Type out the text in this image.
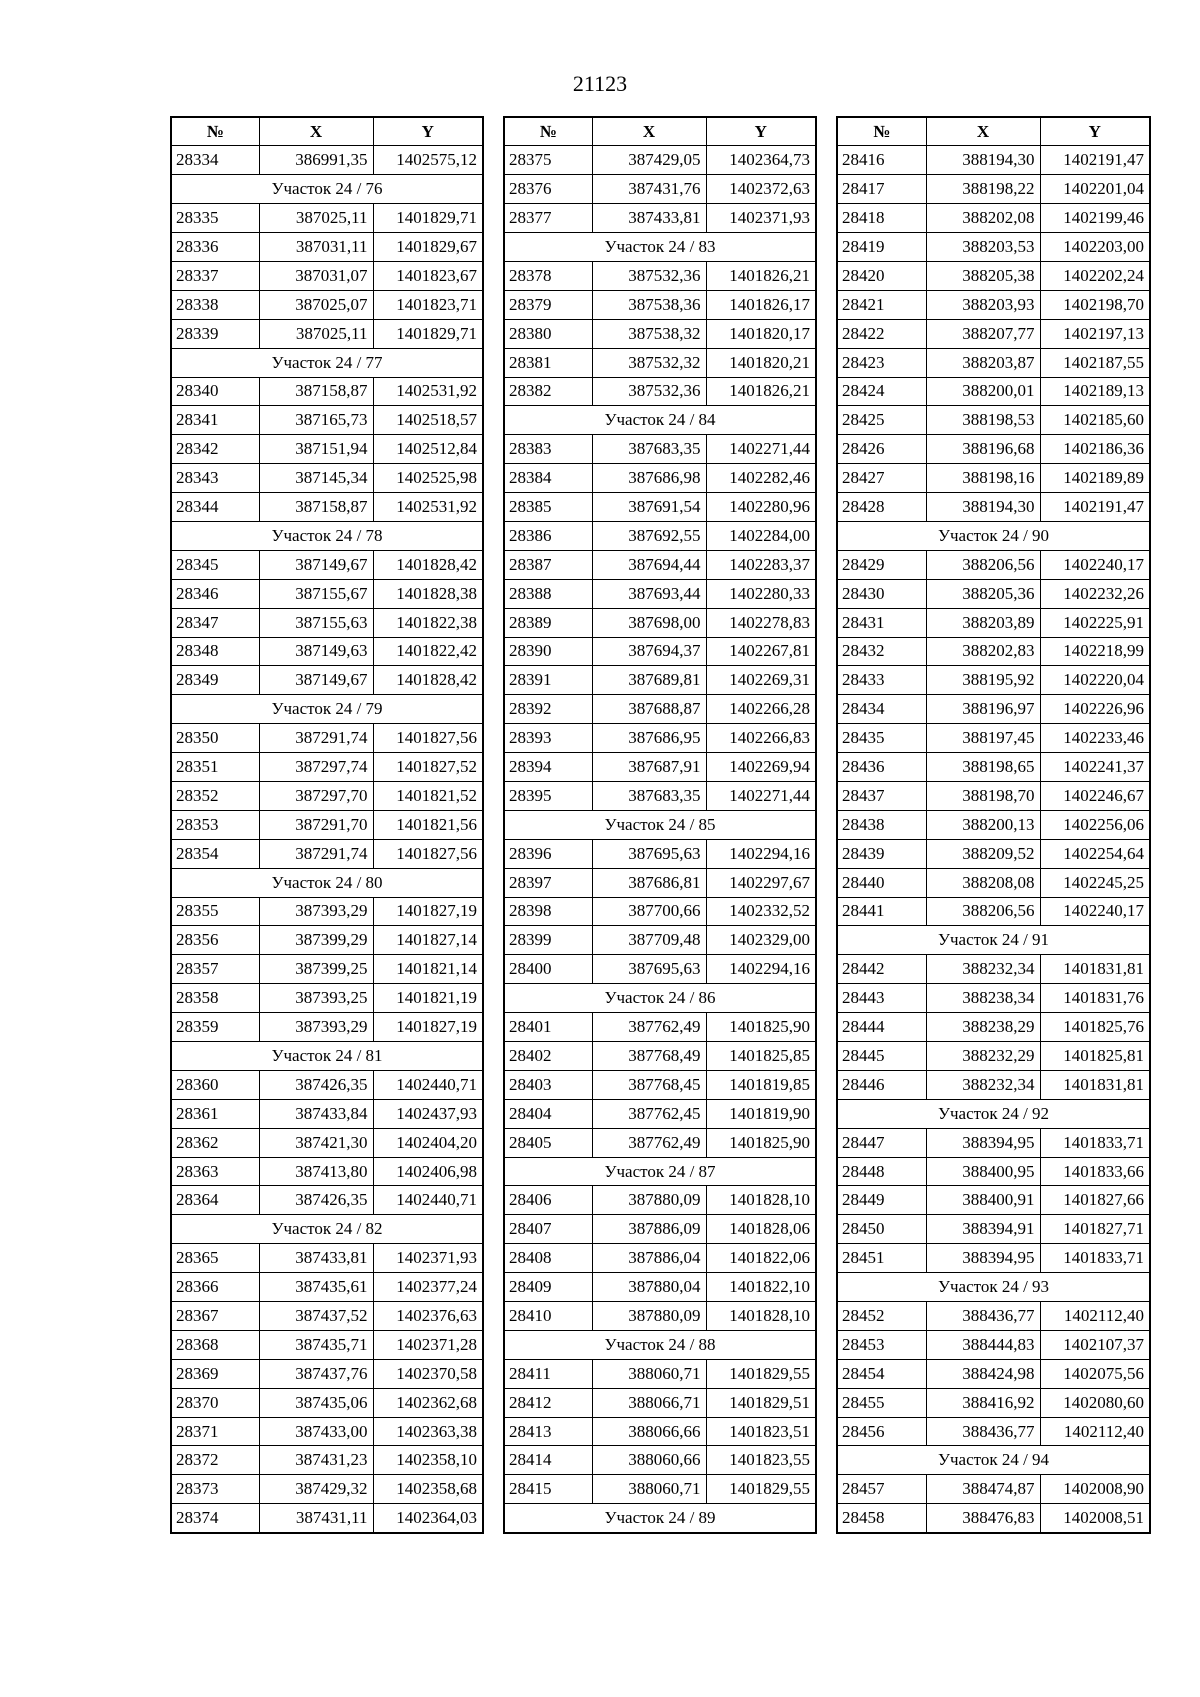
21123
№	X	Y
28334	386991,35	1402575,12
Участок 24 / 76		
28335	387025,11	1401829,71
28336	387031,11	1401829,67
28337	387031,07	1401823,67
28338	387025,07	1401823,71
28339	387025,11	1401829,71
Участок 24 / 77		
28340	387158,87	1402531,92
28341	387165,73	1402518,57
28342	387151,94	1402512,84
28343	387145,34	1402525,98
28344	387158,87	1402531,92
Участок 24 / 78		
28345	387149,67	1401828,42
28346	387155,67	1401828,38
28347	387155,63	1401822,38
28348	387149,63	1401822,42
28349	387149,67	1401828,42
Участок 24 / 79		
28350	387291,74	1401827,56
28351	387297,74	1401827,52
28352	387297,70	1401821,52
28353	387291,70	1401821,56
28354	387291,74	1401827,56
Участок 24 / 80		
28355	387393,29	1401827,19
28356	387399,29	1401827,14
28357	387399,25	1401821,14
28358	387393,25	1401821,19
28359	387393,29	1401827,19
Участок 24 / 81		
28360	387426,35	1402440,71
28361	387433,84	1402437,93
28362	387421,30	1402404,20
28363	387413,80	1402406,98
28364	387426,35	1402440,71
Участок 24 / 82		
28365	387433,81	1402371,93
28366	387435,61	1402377,24
28367	387437,52	1402376,63
28368	387435,71	1402371,28
28369	387437,76	1402370,58
28370	387435,06	1402362,68
28371	387433,00	1402363,38
28372	387431,23	1402358,10
28373	387429,32	1402358,68
28374	387431,11	1402364,03
№	X	Y
28375	387429,05	1402364,73
28376	387431,76	1402372,63
28377	387433,81	1402371,93
Участок 24 / 83		
28378	387532,36	1401826,21
28379	387538,36	1401826,17
28380	387538,32	1401820,17
28381	387532,32	1401820,21
28382	387532,36	1401826,21
Участок 24 / 84		
28383	387683,35	1402271,44
28384	387686,98	1402282,46
28385	387691,54	1402280,96
28386	387692,55	1402284,00
28387	387694,44	1402283,37
28388	387693,44	1402280,33
28389	387698,00	1402278,83
28390	387694,37	1402267,81
28391	387689,81	1402269,31
28392	387688,87	1402266,28
28393	387686,95	1402266,83
28394	387687,91	1402269,94
28395	387683,35	1402271,44
Участок 24 / 85		
28396	387695,63	1402294,16
28397	387686,81	1402297,67
28398	387700,66	1402332,52
28399	387709,48	1402329,00
28400	387695,63	1402294,16
Участок 24 / 86		
28401	387762,49	1401825,90
28402	387768,49	1401825,85
28403	387768,45	1401819,85
28404	387762,45	1401819,90
28405	387762,49	1401825,90
Участок 24 / 87		
28406	387880,09	1401828,10
28407	387886,09	1401828,06
28408	387886,04	1401822,06
28409	387880,04	1401822,10
28410	387880,09	1401828,10
Участок 24 / 88		
28411	388060,71	1401829,55
28412	388066,71	1401829,51
28413	388066,66	1401823,51
28414	388060,66	1401823,55
28415	388060,71	1401829,55
Участок 24 / 89		
№	X	Y
28416	388194,30	1402191,47
28417	388198,22	1402201,04
28418	388202,08	1402199,46
28419	388203,53	1402203,00
28420	388205,38	1402202,24
28421	388203,93	1402198,70
28422	388207,77	1402197,13
28423	388203,87	1402187,55
28424	388200,01	1402189,13
28425	388198,53	1402185,60
28426	388196,68	1402186,36
28427	388198,16	1402189,89
28428	388194,30	1402191,47
Участок 24 / 90		
28429	388206,56	1402240,17
28430	388205,36	1402232,26
28431	388203,89	1402225,91
28432	388202,83	1402218,99
28433	388195,92	1402220,04
28434	388196,97	1402226,96
28435	388197,45	1402233,46
28436	388198,65	1402241,37
28437	388198,70	1402246,67
28438	388200,13	1402256,06
28439	388209,52	1402254,64
28440	388208,08	1402245,25
28441	388206,56	1402240,17
Участок 24 / 91		
28442	388232,34	1401831,81
28443	388238,34	1401831,76
28444	388238,29	1401825,76
28445	388232,29	1401825,81
28446	388232,34	1401831,81
Участок 24 / 92		
28447	388394,95	1401833,71
28448	388400,95	1401833,66
28449	388400,91	1401827,66
28450	388394,91	1401827,71
28451	388394,95	1401833,71
Участок 24 / 93		
28452	388436,77	1402112,40
28453	388444,83	1402107,37
28454	388424,98	1402075,56
28455	388416,92	1402080,60
28456	388436,77	1402112,40
Участок 24 / 94		
28457	388474,87	1402008,90
28458	388476,83	1402008,51
